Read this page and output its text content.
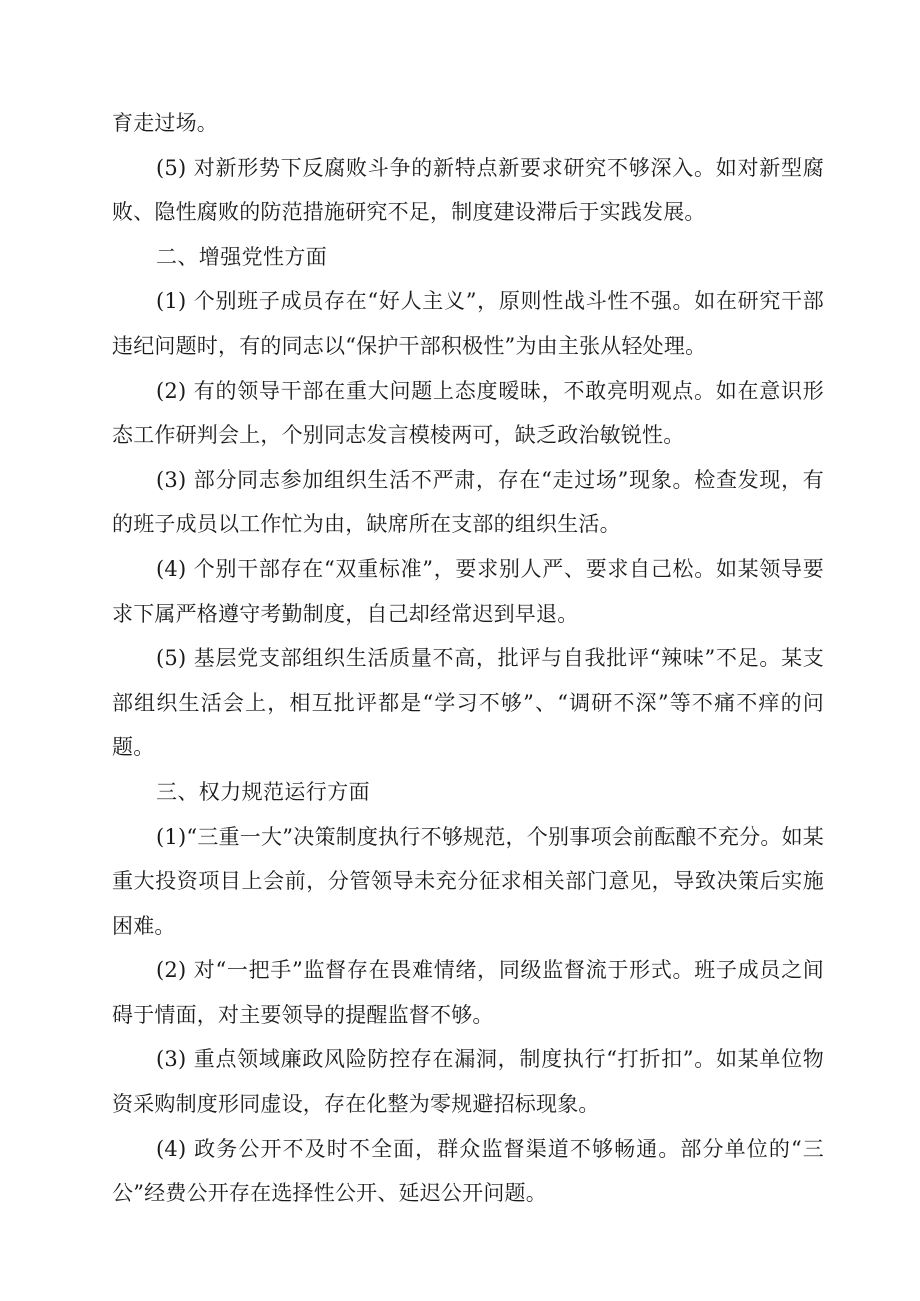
育走过场。

(5) 对新形势下反腐败斗争的新特点新要求研究不够深入。如对新型腐败、隐性腐败的防范措施研究不足，制度建设滞后于实践发展。

二、增强党性方面

(1) 个别班子成员存在“好人主义”，原则性战斗性不强。如在研究干部违纪问题时，有的同志以“保护干部积极性”为由主张从轻处理。

(2) 有的领导干部在重大问题上态度暧昧，不敢亮明观点。如在意识形态工作研判会上，个别同志发言模棱两可，缺乏政治敏锐性。

(3) 部分同志参加组织生活不严肃，存在“走过场”现象。检查发现，有的班子成员以工作忙为由，缺席所在支部的组织生活。

(4) 个别干部存在“双重标准”，要求别人严、要求自己松。如某领导要求下属严格遵守考勤制度，自己却经常迟到早退。

(5) 基层党支部组织生活质量不高，批评与自我批评“辣味”不足。某支部组织生活会上，相互批评都是“学习不够”、“调研不深”等不痛不痒的问题。

三、权力规范运行方面

(1)“三重一大”决策制度执行不够规范，个别事项会前酝酿不充分。如某重大投资项目上会前，分管领导未充分征求相关部门意见，导致决策后实施困难。

(2) 对“一把手”监督存在畏难情绪，同级监督流于形式。班子成员之间碍于情面，对主要领导的提醒监督不够。

(3) 重点领域廉政风险防控存在漏洞，制度执行“打折扣”。如某单位物资采购制度形同虚设，存在化整为零规避招标现象。

(4) 政务公开不及时不全面，群众监督渠道不够畅通。部分单位的“三公”经费公开存在选择性公开、延迟公开问题。
